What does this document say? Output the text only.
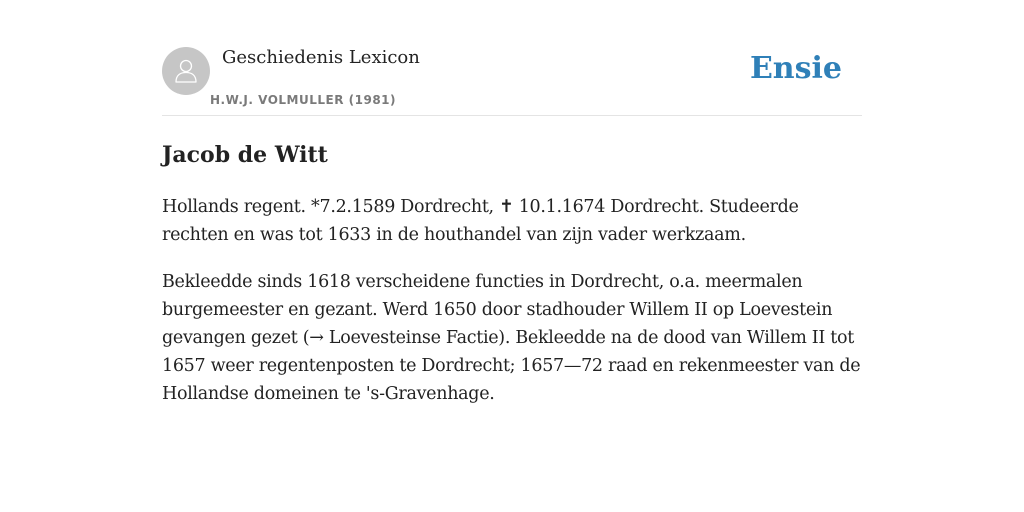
Geschiedenis Lexicon
H.W.J. VOLMULLER (1981)
Ensie
Jacob de Witt

Hollands regent. *7.2.1589 Dordrecht, ✝ 10.1.1674 Dordrecht. Studeerde rechten en was tot 1633 in de houthandel van zijn vader werkzaam.

Bekleedde sinds 1618 verscheidene functies in Dordrecht, o.a. meermalen burgemeester en gezant. Werd 1650 door stadhouder Willem II op Loevestein gevangen gezet (→ Loevesteinse Factie). Bekleedde na de dood van Willem II tot 1657 weer regentenposten te Dordrecht; 1657—72 raad en rekenmeester van de Hollandse domeinen te 's-Gravenhage.
